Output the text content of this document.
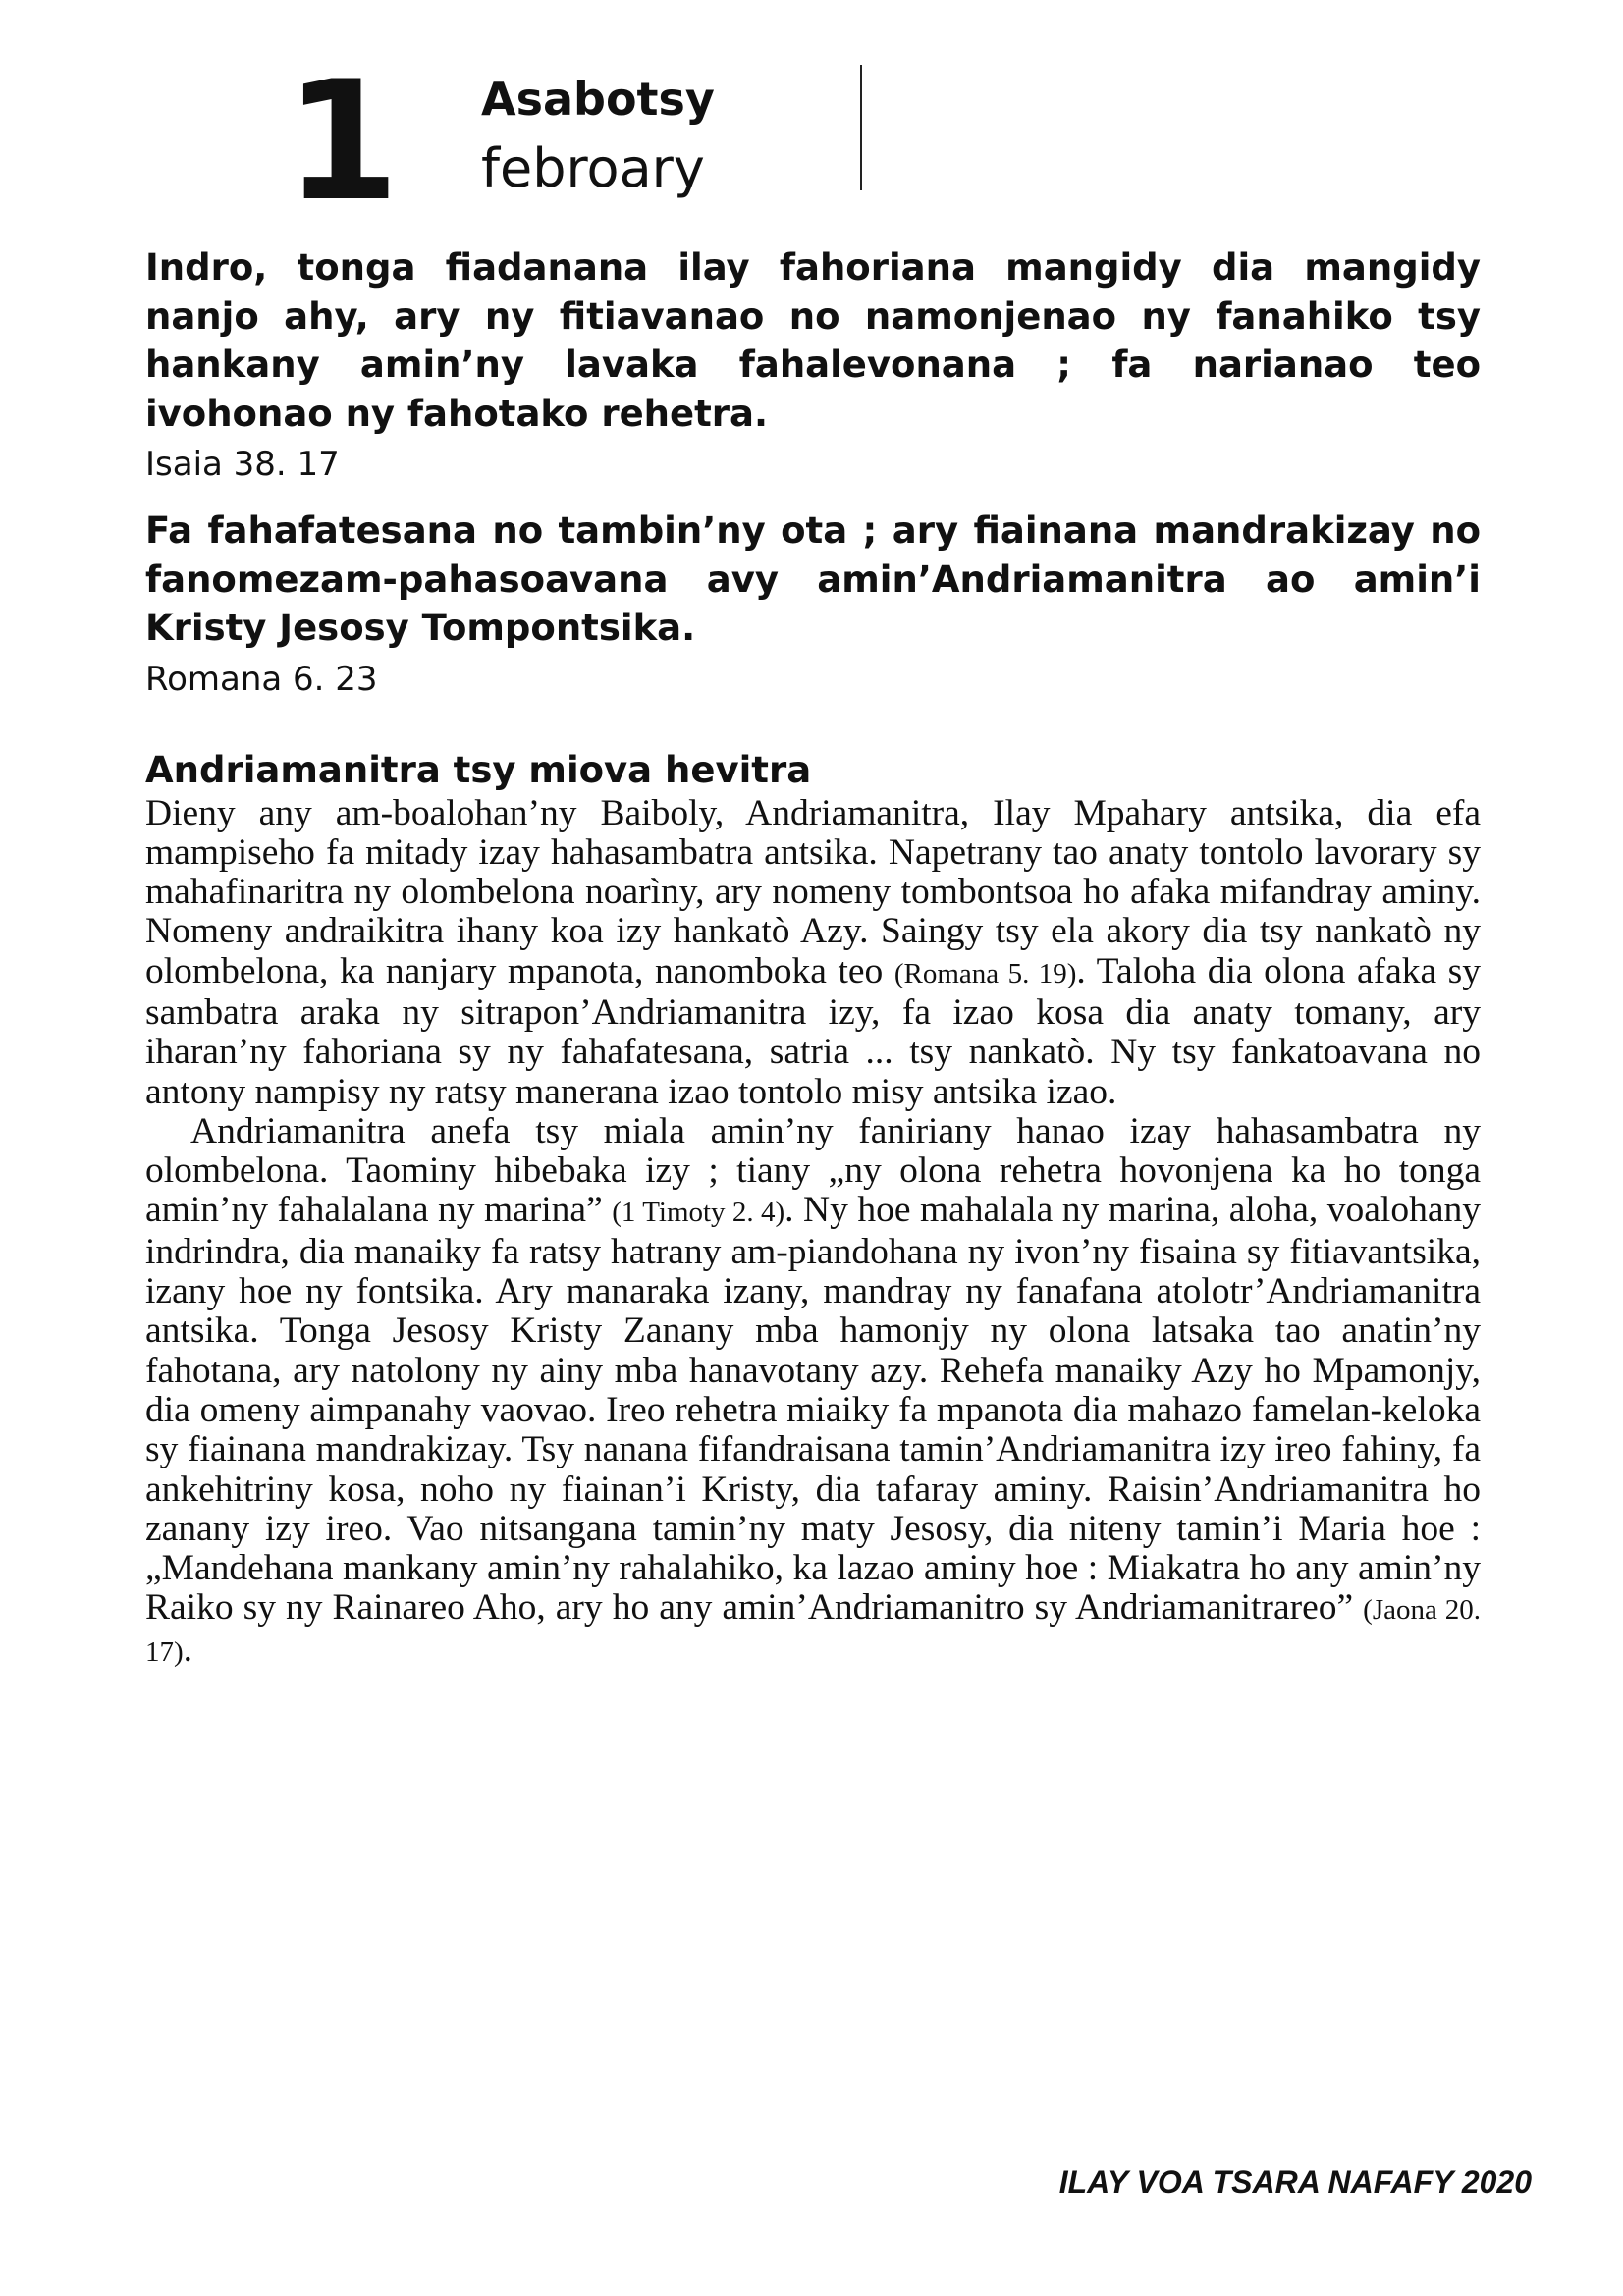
1 Asabotsy
febroary

Indro, tonga fiadanana ilay fahoriana mangidy dia mangidy nanjo ahy, ary ny fitiavanao no namonjenao ny fanahiko tsy hankany amin’ny lavaka fahalevonana ; fa narianao teo ivohonao ny fahotako rehetra.

Isaia 38. 17

Fa fahafatesana no tambin’ny ota ; ary fiainana mandrakizay no fanomezam-pahasoavana avy amin’Andriamanitra ao amin’i Kristy Jesosy Tompontsika.

Romana 6. 23
Andriamanitra tsy miova hevitra

Dieny any am-boalohan’ny Baiboly, Andriamanitra, Ilay Mpahary antsika, dia efa mampiseho fa mitady izay hahasambatra antsika. Napetrany tao anaty tontolo lavorary sy mahafinaritra ny olombelona noarìny, ary nomeny tombontsoa ho afaka mifandray aminy. Nomeny andraikitra ihany koa izy hankatò Azy. Saingy tsy ela akory dia tsy nankatò ny olombelona, ka nanjary mpanota, nanomboka teo (Romana 5. 19). Taloha dia olona afaka sy sambatra araka ny sitrapon’Andriamanitra izy, fa izao kosa dia anaty tomany, ary iharan’ny fahoriana sy ny fahafatesana, satria ... tsy nankatò. Ny tsy fankatoavana no antony nampisy ny ratsy manerana izao tontolo misy antsika izao.

Andriamanitra anefa tsy miala amin’ny faniriany hanao izay hahasambatra ny olombelona. Taominy hibebaka izy ; tiany „ny olona rehetra hovonjena ka ho tonga amin’ny fahalalana ny marina” (1 Timoty 2. 4). Ny hoe mahalala ny marina, aloha, voalohany indrindra, dia manaiky fa ratsy hatrany am-piandohana ny ivon’ny fisaina sy fitiavantsika, izany hoe ny fontsika. Ary manaraka izany, mandray ny fanafana atolotr’Andriamanitra antsika. Tonga Jesosy Kristy Zanany mba hamonjy ny olona latsaka tao anatin’ny fahotana, ary natolony ny ainy mba hanavotany azy. Rehefa manaiky Azy ho Mpamonjy, dia omeny aimpanahy vaovao. Ireo rehetra miaiky fa mpanota dia mahazo famelan-keloka sy fiainana mandrakizay. Tsy nanana fifandraisana tamin’Andriamanitra izy ireo fahiny, fa ankehitriny kosa, noho ny fiainan’i Kristy, dia tafaray aminy. Raisin’Andriamanitra ho zanany izy ireo. Vao nitsangana tamin’ny maty Jesosy, dia niteny tamin’i Maria hoe : „Mandehana mankany amin’ny rahalahiko, ka lazao aminy hoe : Miakatra ho any amin’ny Raiko sy ny Rainareo Aho, ary ho any amin’Andriamanitro sy Andriamanitrareo” (Jaona 20. 17).

ILAY VOA TSARA NAFAFY 2020
